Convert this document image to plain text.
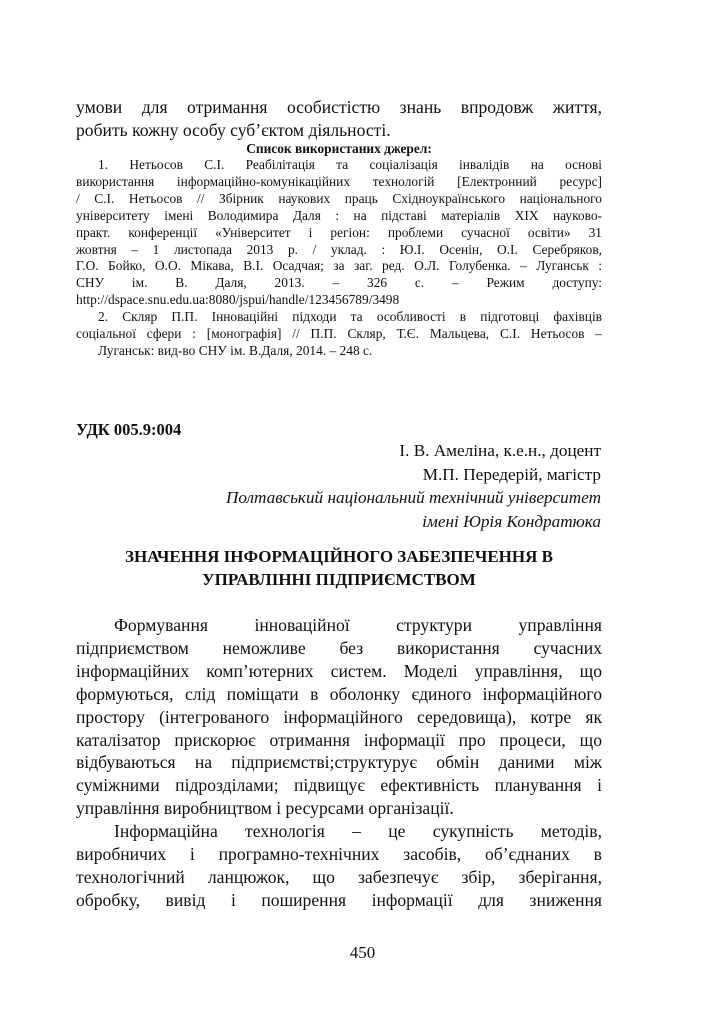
умови для отримання особистістю знань впродовж життя,
робить кожну особу суб’єктом діяльності.
Список використаних джерел:
1. Нетьосов С.І. Реабілітація та соціалізація інвалідів на основі
використання інформаційно-комунікаційних технологій [Електронний ресурс]
/ С.І. Нетьосов // Збірник наукових праць Східноукраїнського національного
університету імені Володимира Даля : на підставі матеріалів XIX науково-
практ. конференції «Університет і регіон: проблеми сучасної освіти» 31
жовтня – 1 листопада 2013 р. / уклад. : Ю.І. Осенін, О.І. Серебряков,
Г.О. Бойко, О.О. Мікава, В.І. Осадчая; за заг. ред. О.Л. Голубенка. – Луганськ :
СНУ   ім.   В.   Даля,   2013.   –   326   с.   –   Режим   доступу:
http://dspace.snu.edu.ua:8080/jspui/handle/123456789/3498
2. Скляр П.П. Інноваційні підходи та особливості в підготовці фахівців
соціальної сфери : [монографія] // П.П. Скляр, Т.Є. Мальцева, С.І. Нетьосов –
Луганськ: вид-во СНУ ім. В.Даля, 2014. – 248 с.
УДК 005.9:004
І. В. Амеліна, к.е.н., доцент
М.П. Передерій, магістр
Полтавський національний технічний університет
імені Юрія Кондратюка
ЗНАЧЕННЯ ІНФОРМАЦІЙНОГО ЗАБЕЗПЕЧЕННЯ В
УПРАВЛІННІ ПІДПРИЄМСТВОМ
Формування       інноваційної       структури       управління
підприємством неможливе без використання сучасних
інформаційних комп’ютерних систем. Моделі управління, що
формуються, слід поміщати в оболонку єдиного інформаційного
простору (інтегрованого інформаційного середовища), котре як
каталізатор прискорює отримання інформації про процеси, що
відбуваються на підприємстві;структурує обмін даними між
суміжними підрозділами; підвищує ефективність планування і
управління виробництвом і ресурсами організації.
Інформаційна технологія – це сукупність методів,
виробничих і програмно-технічних засобів, об’єднаних в
технологічний ланцюжок, що забезпечує збір, зберігання,
обробку, вивід і поширення інформації для зниження
450
